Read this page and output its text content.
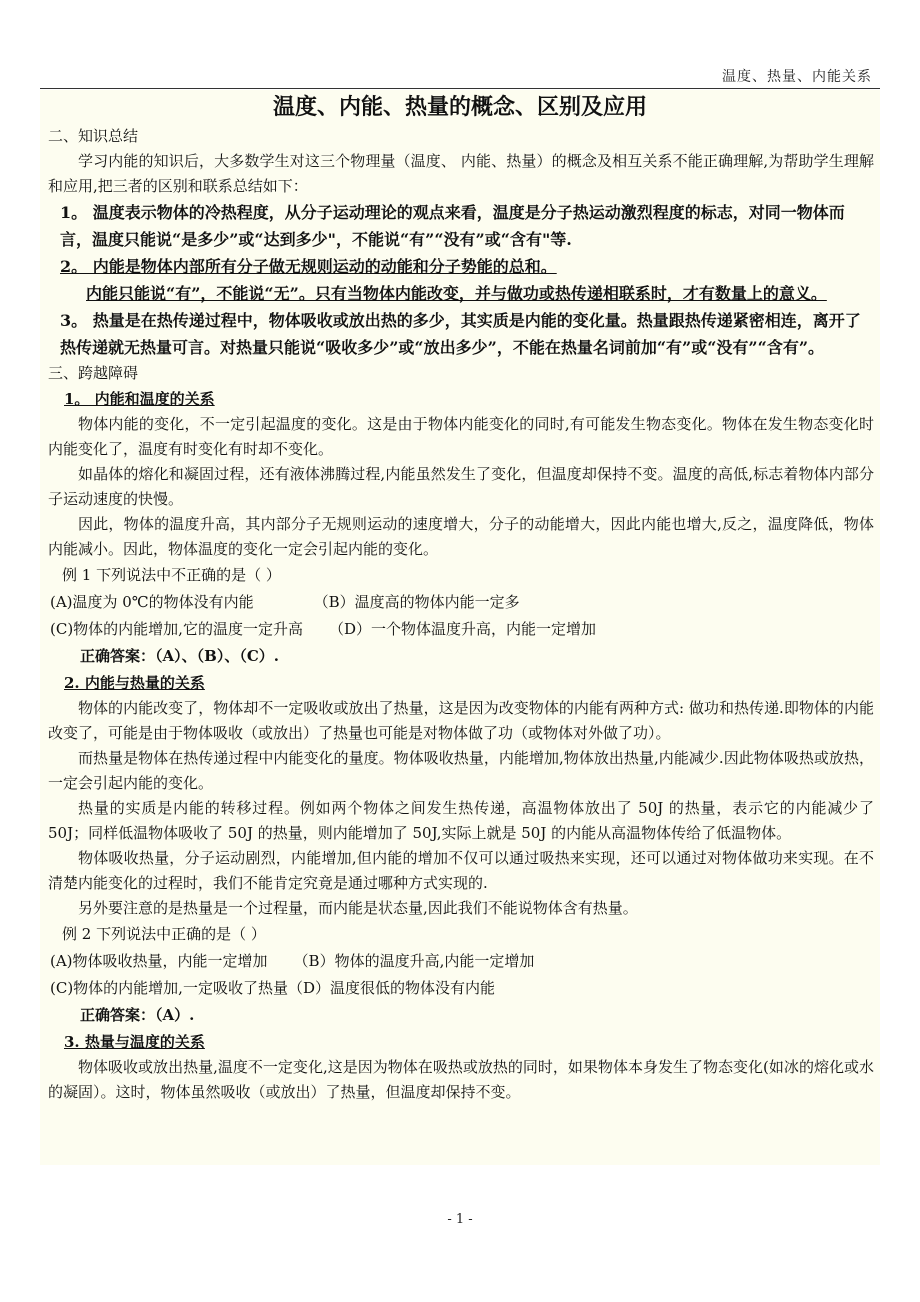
温度、热量、内能关系
温度、内能、热量的概念、区别及应用

二、知识总结

学习内能的知识后，大多数学生对这三个物理量（温度、 内能、热量）的概念及相互关系不能正确理解,为帮助学生理解和应用,把三者的区别和联系总结如下：

1。 温度表示物体的冷热程度，从分子运动理论的观点来看，温度是分子热运动激烈程度的标志，对同一物体而言，温度只能说“是多少”或“达到多少"，不能说“有”“没有”或“含有"等.

2。 内能是物体内部所有分子做无规则运动的动能和分子势能的总和。

内能只能说“有”，不能说“无”。只有当物体内能改变，并与做功或热传递相联系时，才有数量上的意义。

3。 热量是在热传递过程中，物体吸收或放出热的多少，其实质是内能的变化量。热量跟热传递紧密相连，离开了热传递就无热量可言。对热量只能说“吸收多少”或“放出多少”，不能在热量名词前加“有”或“没有”“含有”。

三、跨越障碍

1。 内能和温度的关系

物体内能的变化，不一定引起温度的变化。这是由于物体内能变化的同时,有可能发生物态变化。物体在发生物态变化时内能变化了，温度有时变化有时却不变化。

如晶体的熔化和凝固过程，还有液体沸腾过程,内能虽然发生了变化，但温度却保持不变。温度的高低,标志着物体内部分子运动速度的快慢。

因此，物体的温度升高，其内部分子无规则运动的速度增大，分子的动能增大，因此内能也增大,反之，温度降低，物体内能减小。因此，物体温度的变化一定会引起内能的变化。

例 1 下列说法中不正确的是（ ）

(A)温度为 0℃的物体没有内能	（B）温度高的物体内能一定多

(C)物体的内能增加,它的温度一定升高 （D）一个物体温度升高，内能一定增加

正确答案：（A）、（B）、（C）.

2. 内能与热量的关系

物体的内能改变了，物体却不一定吸收或放出了热量，这是因为改变物体的内能有两种方式: 做功和热传递.即物体的内能改变了，可能是由于物体吸收（或放出）了热量也可能是对物体做了功（或物体对外做了功）。

而热量是物体在热传递过程中内能变化的量度。物体吸收热量，内能增加,物体放出热量,内能减少.因此物体吸热或放热，一定会引起内能的变化。

热量的实质是内能的转移过程。例如两个物体之间发生热传递，高温物体放出了 50J 的热量，表示它的内能减少了 50J；同样低温物体吸收了 50J 的热量，则内能增加了 50J,实际上就是 50J 的内能从高温物体传给了低温物体。

物体吸收热量，分子运动剧烈，内能增加,但内能的增加不仅可以通过吸热来实现，还可以通过对物体做功来实现。在不清楚内能变化的过程时，我们不能肯定究竟是通过哪种方式实现的.

另外要注意的是热量是一个过程量，而内能是状态量,因此我们不能说物体含有热量。

例 2 下列说法中正确的是（ ）

(A)物体吸收热量，内能一定增加 （B）物体的温度升高,内能一定增加

(C)物体的内能增加,一定吸收了热量（D）温度很低的物体没有内能

正确答案：（A）.

3. 热量与温度的关系

物体吸收或放出热量,温度不一定变化,这是因为物体在吸热或放热的同时，如果物体本身发生了物态变化(如冰的熔化或水的凝固）。这时，物体虽然吸收（或放出）了热量，但温度却保持不变。

- 1 -
